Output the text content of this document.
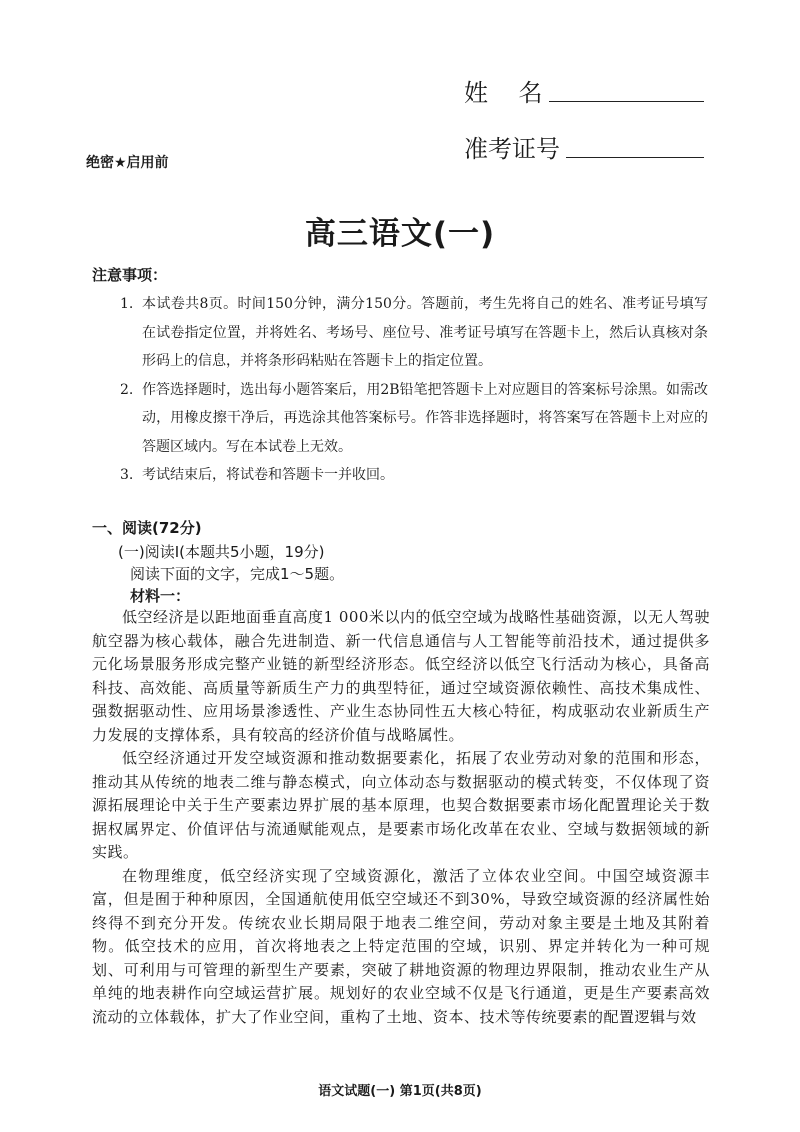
姓    名
准考证号
绝密★启用前
高三语文(一)
注意事项：
1. 本试卷共8页。时间150分钟，满分150分。答题前，考生先将自己的姓名、准考证号填写在试卷指定位置，并将姓名、考场号、座位号、准考证号填写在答题卡上，然后认真核对条形码上的信息，并将条形码粘贴在答题卡上的指定位置。
2. 作答选择题时，选出每小题答案后，用2B铅笔把答题卡上对应题目的答案标号涂黑。如需改动，用橡皮擦干净后，再选涂其他答案标号。作答非选择题时，将答案写在答题卡上对应的答题区域内。写在本试卷上无效。
3. 考试结束后，将试卷和答题卡一并收回。
一、阅读(72分)
(一)阅读Ⅰ(本题共5小题，19分)
阅读下面的文字，完成1～5题。
材料一：

低空经济是以距地面垂直高度1 000米以内的低空空域为战略性基础资源，以无人驾驶航空器为核心载体，融合先进制造、新一代信息通信与人工智能等前沿技术，通过提供多元化场景服务形成完整产业链的新型经济形态。低空经济以低空飞行活动为核心，具备高科技、高效能、高质量等新质生产力的典型特征，通过空域资源依赖性、高技术集成性、强数据驱动性、应用场景渗透性、产业生态协同性五大核心特征，构成驱动农业新质生产力发展的支撑体系，具有较高的经济价值与战略属性。

低空经济通过开发空域资源和推动数据要素化，拓展了农业劳动对象的范围和形态，推动其从传统的地表二维与静态模式，向立体动态与数据驱动的模式转变，不仅体现了资源拓展理论中关于生产要素边界扩展的基本原理，也契合数据要素市场化配置理论关于数据权属界定、价值评估与流通赋能观点，是要素市场化改革在农业、空域与数据领域的新实践。

在物理维度，低空经济实现了空域资源化，激活了立体农业空间。中国空域资源丰富，但是囿于种种原因，全国通航使用低空空域还不到30%，导致空域资源的经济属性始终得不到充分开发。传统农业长期局限于地表二维空间，劳动对象主要是土地及其附着物。低空技术的应用，首次将地表之上特定范围的空域，识别、界定并转化为一种可规划、可利用与可管理的新型生产要素，突破了耕地资源的物理边界限制，推动农业生产从单纯的地表耕作向空域运营扩展。规划好的农业空域不仅是飞行通道，更是生产要素高效流动的立体载体，扩大了作业空间，重构了土地、资本、技术等传统要素的配置逻辑与效

语文试题(一) 第1页(共8页)
